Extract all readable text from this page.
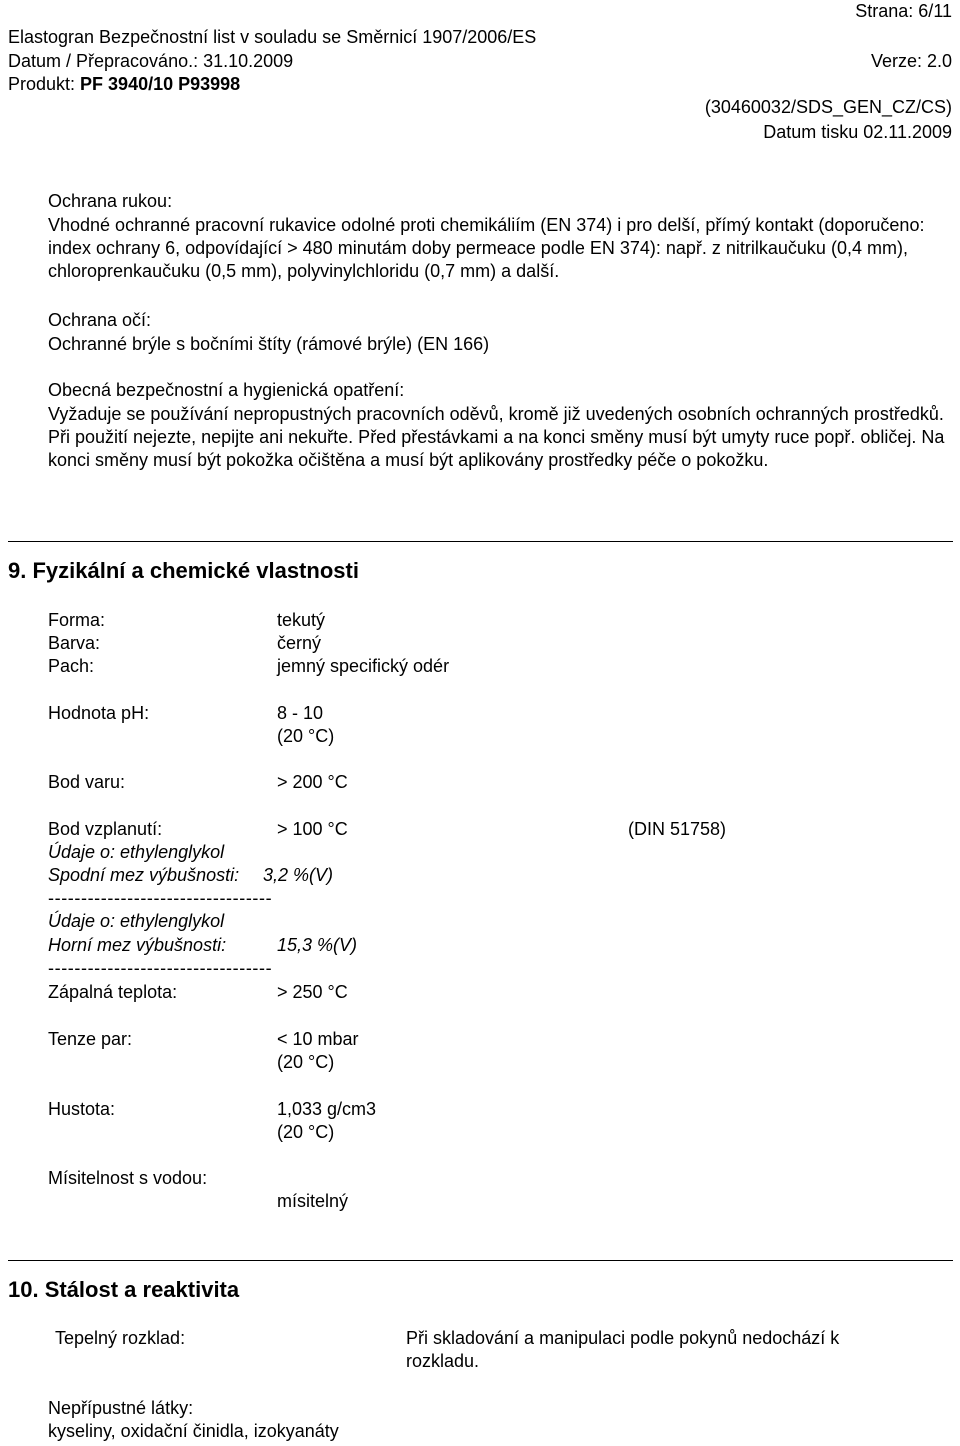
Strana: 6/11
Elastogran Bezpečnostní list v souladu se Směrnicí 1907/2006/ES
Datum / Přepracováno.: 31.10.2009	Verze: 2.0
Produkt: PF 3940/10 P93998
(30460032/SDS_GEN_CZ/CS)
Datum tisku 02.11.2009
Ochrana rukou:
Vhodné ochranné pracovní rukavice odolné proti chemikáliím (EN 374) i pro delší, přímý kontakt (doporučeno: index ochrany 6, odpovídající > 480 minutám doby permeace podle EN 374): např. z nitrilkaučuku (0,4 mm), chloroprenkaučuku (0,5 mm), polyvinylchloridu (0,7 mm) a další.
Ochrana očí:
Ochranné brýle s bočními štíty (rámové brýle) (EN 166)
Obecná bezpečnostní a hygienická opatření:
Vyžaduje se používání nepropustných pracovních oděvů, kromě již uvedených osobních ochranných prostředků. Při použití nejezte, nepijte ani nekuřte. Před přestávkami a na konci směny musí být umyty ruce popř. obličej. Na konci směny musí být pokožka očištěna a musí být aplikovány prostředky péče o pokožku.
9. Fyzikální a chemické vlastnosti
Forma:	tekutý
Barva:	černý
Pach:	jemný specifický odér
Hodnota pH:	8 - 10
(20 °C)
Bod varu:	> 200 °C
Bod vzplanutí:	> 100 °C	(DIN 51758)
Údaje o: ethylenglykol
Spodní mez výbušnosti: 3,2 %(V)
----------------------------------
Údaje o: ethylenglykol
Horní mez výbušnosti:	15,3 %(V)
----------------------------------
Zápalná teplota:	> 250 °C
Tenze par:	< 10 mbar
(20 °C)
Hustota:	1,033 g/cm3
(20 °C)
Mísitelnost s vodou:
mísitelný
10. Stálost a reaktivita
Tepelný rozklad:	Při skladování a manipulaci podle pokynů nedochází k rozkladu.
Nepřípustné látky:
kyseliny, oxidační činidla, izokyanáty
